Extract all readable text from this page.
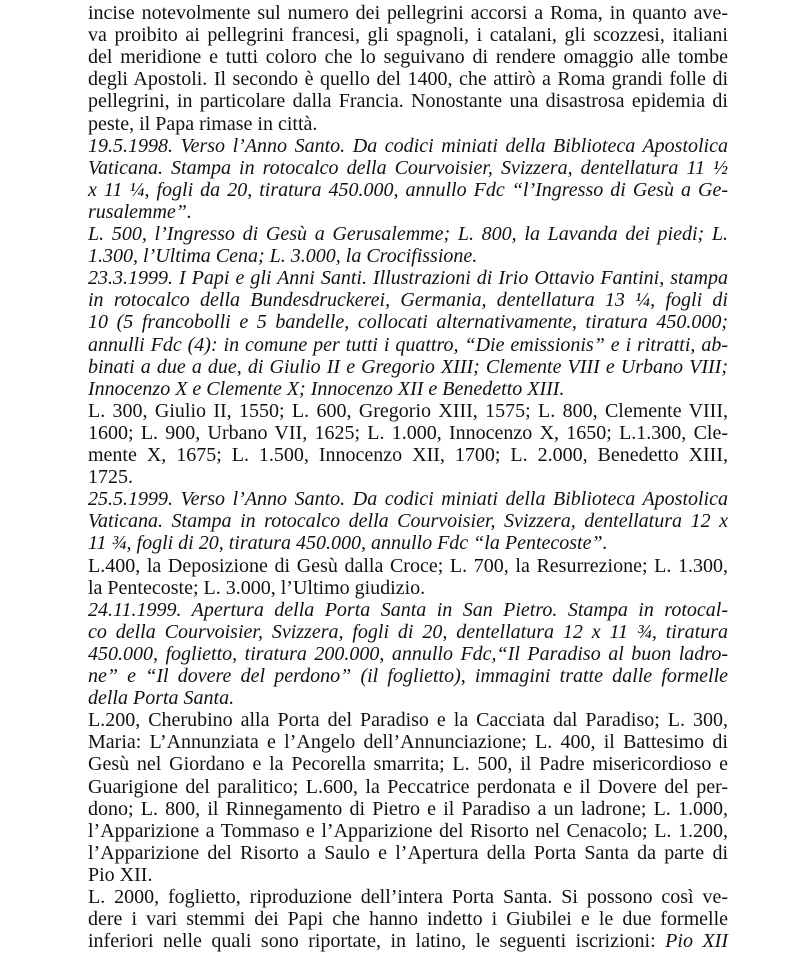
incise notevolmente sul numero dei pellegrini accorsi a Roma, in quanto ave-
va proibito ai pellegrini francesi, gli spagnoli, i catalani, gli scozzesi, italiani
del meridione e tutti coloro che lo seguivano di rendere omaggio alle tombe
degli Apostoli. Il secondo è quello del 1400, che attirò a Roma grandi folle di
pellegrini, in particolare dalla Francia. Nonostante una disastrosa epidemia di
peste, il Papa rimase in città.
19.5.1998. Verso l’Anno Santo. Da codici miniati della Biblioteca Apostolica
Vaticana. Stampa in rotocalco della Courvoisier, Svizzera, dentellatura 11 ½
x 11 ¼, fogli da 20, tiratura 450.000, annullo Fdc “l’Ingresso di Gesù a Ge-
rusalemme”.
L. 500, l’Ingresso di Gesù a Gerusalemme; L. 800, la Lavanda dei piedi; L.
1.300, l’Ultima Cena; L. 3.000, la Crocifissione.
23.3.1999. I Papi e gli Anni Santi. Illustrazioni di Irio Ottavio Fantini, stampa
in rotocalco della Bundesdruckerei, Germania, dentellatura 13 ¼, fogli di
10 (5 francobolli e 5 bandelle, collocati alternativamente, tiratura 450.000;
annulli Fdc (4): in comune per tutti i quattro, “Die emissionis” e i ritratti, ab-
binati a due a due, di Giulio II e Gregorio XIII; Clemente VIII e Urbano VIII;
Innocenzo X e Clemente X; Innocenzo XII e Benedetto XIII.
L. 300, Giulio II, 1550; L. 600, Gregorio XIII, 1575; L. 800, Clemente VIII,
1600; L. 900, Urbano VII, 1625; L. 1.000, Innocenzo X, 1650; L.1.300, Cle-
mente X, 1675; L. 1.500, Innocenzo XII, 1700; L. 2.000, Benedetto XIII,
1725.
25.5.1999. Verso l’Anno Santo. Da codici miniati della Biblioteca Apostolica
Vaticana. Stampa in rotocalco della Courvoisier, Svizzera, dentellatura 12 x
11 ¾, fogli di 20, tiratura 450.000, annullo Fdc “la Pentecoste”.
L.400, la Deposizione di Gesù dalla Croce; L. 700, la Resurrezione; L. 1.300,
la Pentecoste; L. 3.000, l’Ultimo giudizio.
24.11.1999. Apertura della Porta Santa in San Pietro. Stampa in rotocal-
co della Courvoisier, Svizzera, fogli di 20, dentellatura 12 x 11 ¾, tiratura
450.000, foglietto, tiratura 200.000, annullo Fdc,“Il Paradiso al buon ladro-
ne” e “Il dovere del perdono” (il foglietto), immagini tratte dalle formelle
della Porta Santa.
L.200, Cherubino alla Porta del Paradiso e la Cacciata dal Paradiso; L. 300,
Maria: L’Annunziata e l’Angelo dell’Annunciazione; L. 400, il Battesimo di
Gesù nel Giordano e la Pecorella smarrita; L. 500, il Padre misericordioso e
Guarigione del paralitico; L.600, la Peccatrice perdonata e il Dovere del per-
dono; L. 800, il Rinnegamento di Pietro e il Paradiso a un ladrone; L. 1.000,
l’Apparizione a Tommaso e l’Apparizione del Risorto nel Cenacolo; L. 1.200,
l’Apparizione del Risorto a Saulo e l’Apertura della Porta Santa da parte di
Pio XII.
L. 2000, foglietto, riproduzione dell’intera Porta Santa. Si possono così ve-
dere i vari stemmi dei Papi che hanno indetto i Giubilei e le due formelle
inferiori nelle quali sono riportate, in latino, le seguenti iscrizioni: Pio XII
